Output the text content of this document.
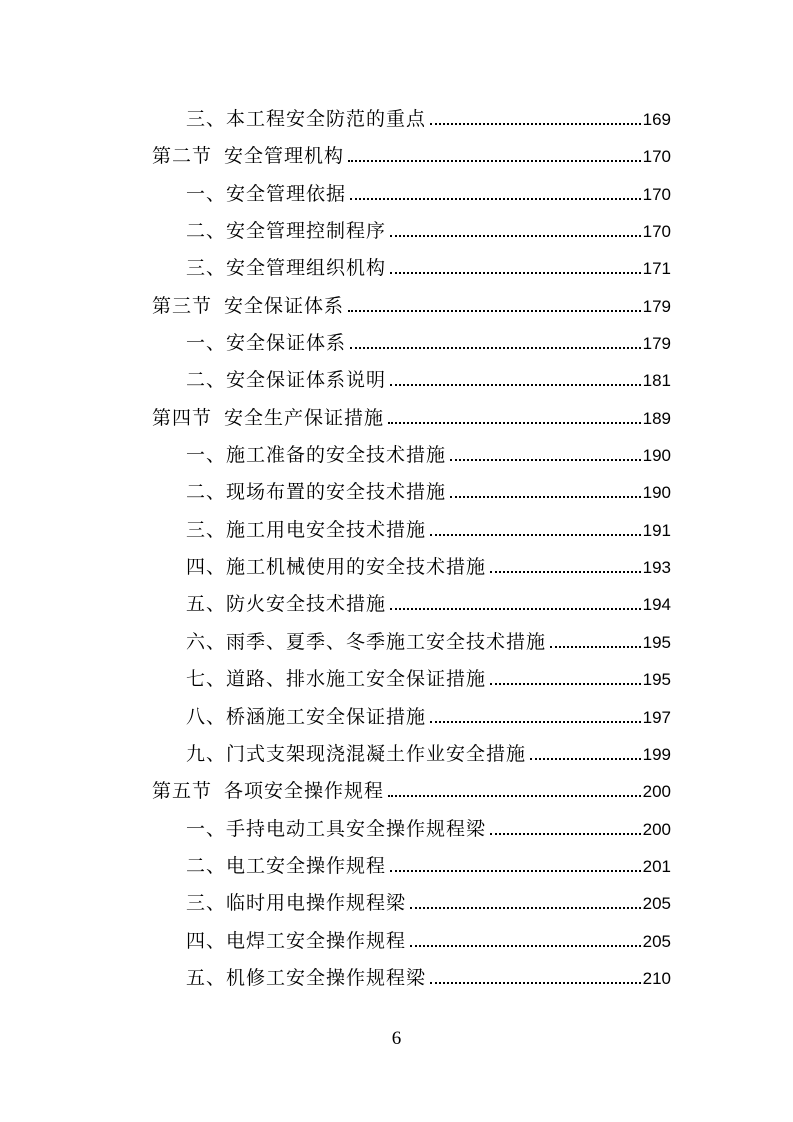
三、 本工程安全防范的重点	169
第二节 安全管理机构	170
一、 安全管理依据	170
二、 安全管理控制程序	170
三、 安全管理组织机构	171
第三节 安全保证体系	179
一、 安全保证体系	179
二、 安全保证体系说明	181
第四节 安全生产保证措施	189
一、 施工准备的安全技术措施	190
二、 现场布置的安全技术措施	190
三、 施工用电安全技术措施	191
四、 施工机械使用的安全技术措施	193
五、 防火安全技术措施	194
六、 雨季、夏季、冬季施工安全技术措施	195
七、 道路、排水施工安全保证措施	195
八、 桥涵施工安全保证措施	197
九、 门式支架现浇混凝土作业安全措施	199
第五节 各项安全操作规程	200
一、 手持电动工具安全操作规程梁	200
二、 电工安全操作规程	201
三、 临时用电操作规程梁	205
四、 电焊工安全操作规程	205
五、 机修工安全操作规程梁	210
6
